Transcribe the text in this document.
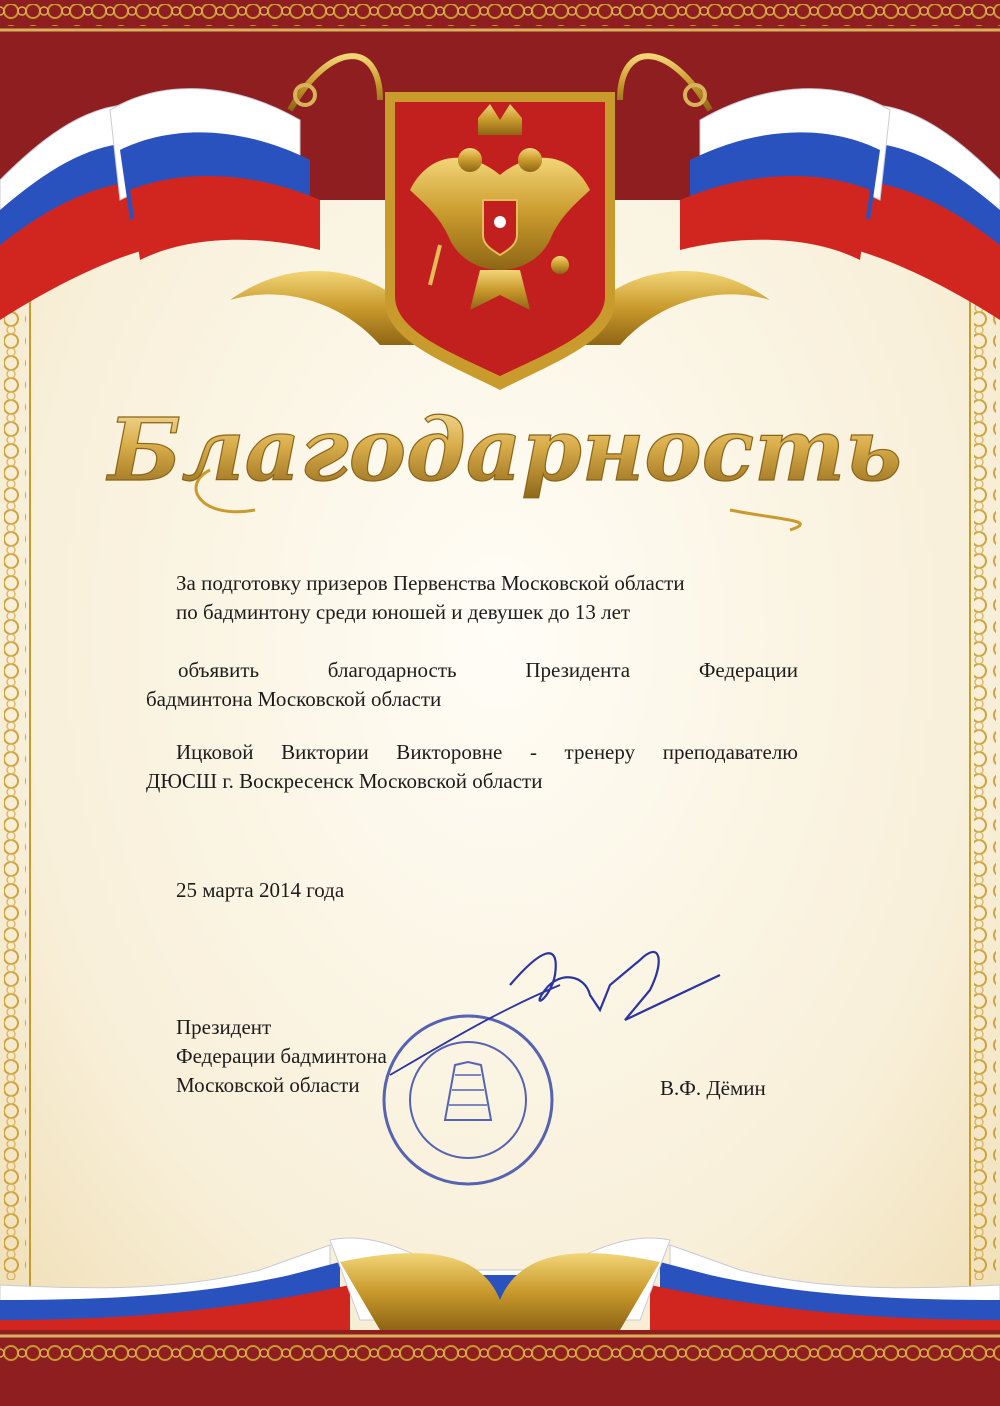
Благодарность
За подготовку призеров Первенства Московской области
по бадминтону среди юношей и девушек до 13 лет
объявить благодарность Президента Федерации
бадминтона Московской области
Ицковой Виктории Викторовне - тренеру преподавателю
ДЮСШ г. Воскресенск Московской области
25 марта 2014 года
Президент
Федерации бадминтона
Московской области	В.Ф. Дёмин
